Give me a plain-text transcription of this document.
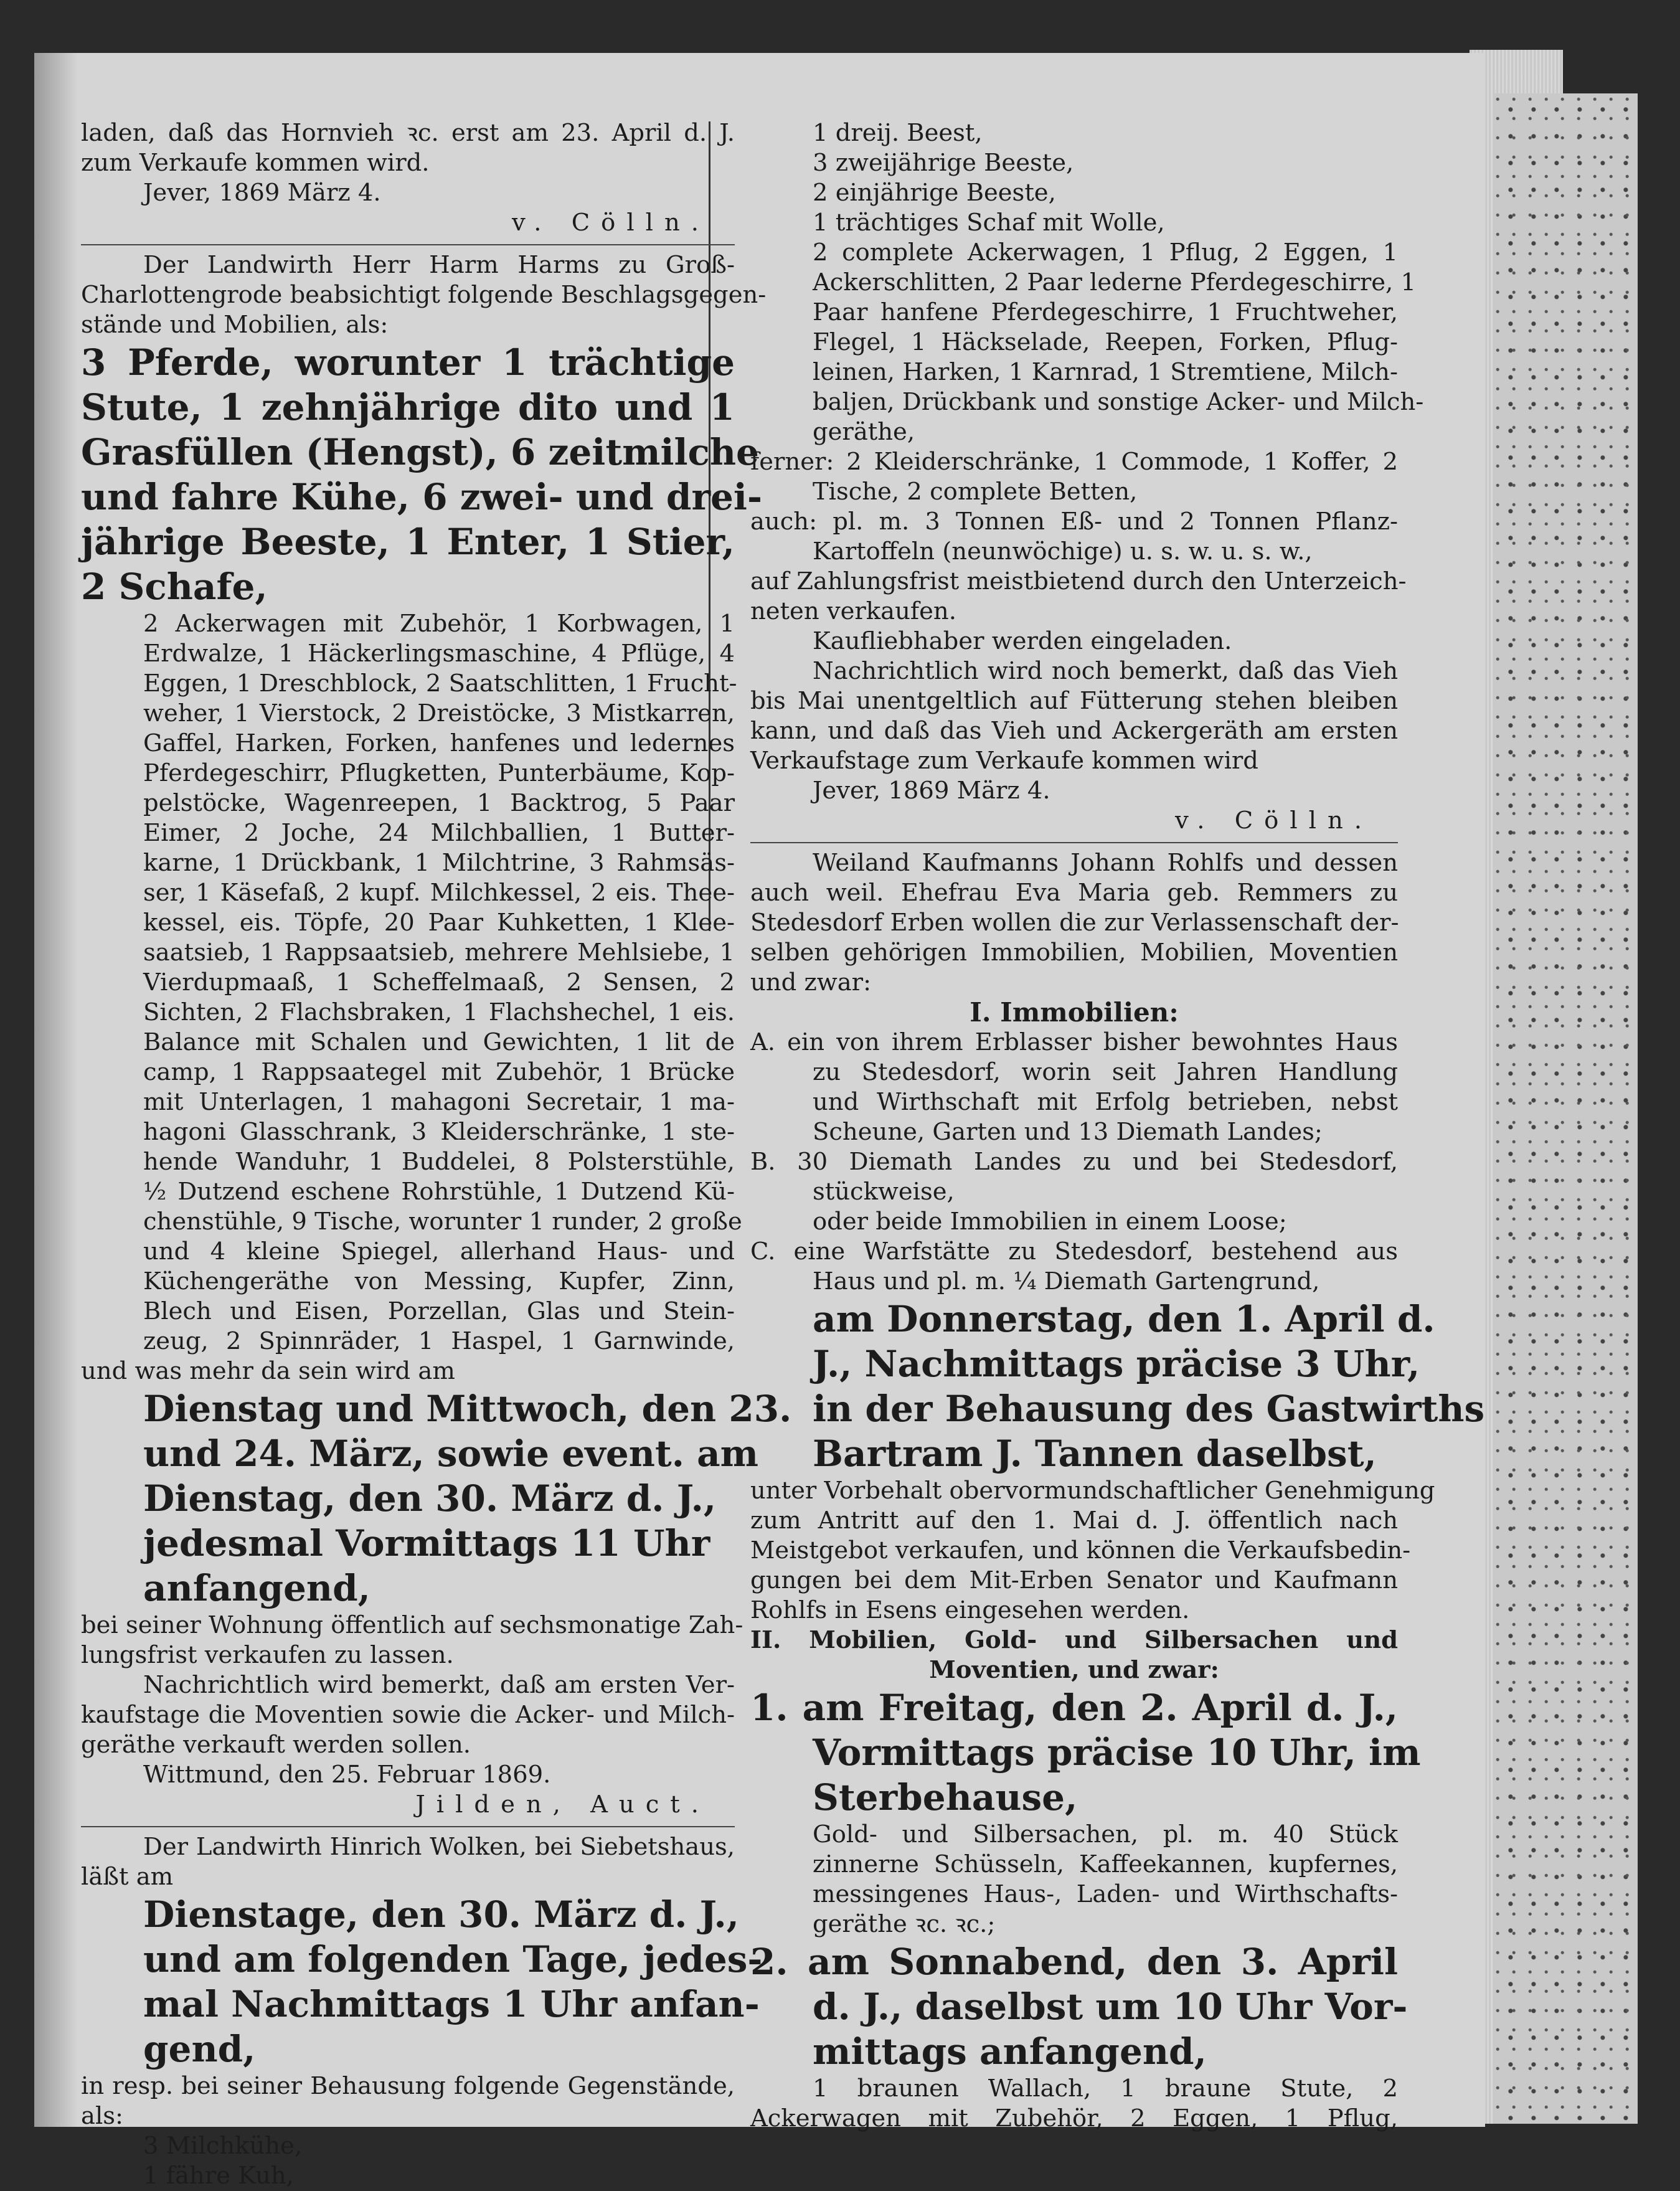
laden, daß das Hornvieh ꝛc. erst am 23. April d. J.
zum Verkaufe kommen wird.
Jever, 1869 März 4.
v. Cölln.
Der Landwirth Herr Harm Harms zu Groß-
Charlottengrode beabsichtigt folgende Beschlagsgegen-
stände und Mobilien, als:
3 Pferde, worunter 1 trächtige
Stute, 1 zehnjährige dito und 1
Grasfüllen (Hengst), 6 zeitmilche
und fahre Kühe, 6 zwei- und drei-
jährige Beeste, 1 Enter, 1 Stier,
2 Schafe,
2 Ackerwagen mit Zubehör, 1 Korbwagen, 1
Erdwalze, 1 Häckerlingsmaschine, 4 Pflüge, 4
Eggen, 1 Dreschblock, 2 Saatschlitten, 1 Frucht-
weher, 1 Vierstock, 2 Dreistöcke, 3 Mistkarren,
Gaffel, Harken, Forken, hanfenes und ledernes
Pferdegeschirr, Pflugketten, Punterbäume, Kop-
pelstöcke, Wagenreepen, 1 Backtrog, 5 Paar
Eimer, 2 Joche, 24 Milchballien, 1 Butter-
karne, 1 Drückbank, 1 Milchtrine, 3 Rahmsäs-
ser, 1 Käsefaß, 2 kupf. Milchkessel, 2 eis. Thee-
kessel, eis. Töpfe, 20 Paar Kuhketten, 1 Klee-
saatsieb, 1 Rappsaatsieb, mehrere Mehlsiebe, 1
Vierdupmaaß, 1 Scheffelmaaß, 2 Sensen, 2
Sichten, 2 Flachsbraken, 1 Flachshechel, 1 eis.
Balance mit Schalen und Gewichten, 1 lit de
camp, 1 Rappsaategel mit Zubehör, 1 Brücke
mit Unterlagen, 1 mahagoni Secretair, 1 ma-
hagoni Glasschrank, 3 Kleiderschränke, 1 ste-
hende Wanduhr, 1 Buddelei, 8 Polsterstühle,
½ Dutzend eschene Rohrstühle, 1 Dutzend Kü-
chenstühle, 9 Tische, worunter 1 runder, 2 große
und 4 kleine Spiegel, allerhand Haus- und
Küchengeräthe von Messing, Kupfer, Zinn,
Blech und Eisen, Porzellan, Glas und Stein-
zeug, 2 Spinnräder, 1 Haspel, 1 Garnwinde,
und was mehr da sein wird am
Dienstag und Mittwoch, den 23.
und 24. März, sowie event. am
Dienstag, den 30. März d. J.,
jedesmal Vormittags 11 Uhr
anfangend,
bei seiner Wohnung öffentlich auf sechsmonatige Zah-
lungsfrist verkaufen zu lassen.
Nachrichtlich wird bemerkt, daß am ersten Ver-
kaufstage die Moventien sowie die Acker- und Milch-
geräthe verkauft werden sollen.
Wittmund, den 25. Februar 1869.
Jilden, Auct.
Der Landwirth Hinrich Wolken, bei Siebetshaus,
läßt am
Dienstage, den 30. März d. J.,
und am folgenden Tage, jedes-
mal Nachmittags 1 Uhr anfan-
gend,
in resp. bei seiner Behausung folgende Gegenstände,
als:
3 Milchkühe,
1 fähre Kuh,
1 dreij. Beest,
3 zweijährige Beeste,
2 einjährige Beeste,
1 trächtiges Schaf mit Wolle,
2 complete Ackerwagen, 1 Pflug, 2 Eggen, 1
Ackerschlitten, 2 Paar lederne Pferdegeschirre, 1
Paar hanfene Pferdegeschirre, 1 Fruchtweher,
Flegel, 1 Häckselade, Reepen, Forken, Pflug-
leinen, Harken, 1 Karnrad, 1 Stremtiene, Milch-
baljen, Drückbank und sonstige Acker- und Milch-
geräthe,
ferner: 2 Kleiderschränke, 1 Commode, 1 Koffer, 2
Tische, 2 complete Betten,
auch: pl. m. 3 Tonnen Eß- und 2 Tonnen Pflanz-
Kartoffeln (neunwöchige) u. s. w. u. s. w.,
auf Zahlungsfrist meistbietend durch den Unterzeich-
neten verkaufen.
Kaufliebhaber werden eingeladen.
Nachrichtlich wird noch bemerkt, daß das Vieh
bis Mai unentgeltlich auf Fütterung stehen bleiben
kann, und daß das Vieh und Ackergeräth am ersten
Verkaufstage zum Verkaufe kommen wird
Jever, 1869 März 4.
v. Cölln.
Weiland Kaufmanns Johann Rohlfs und dessen
auch weil. Ehefrau Eva Maria geb. Remmers zu
Stedesdorf Erben wollen die zur Verlassenschaft der-
selben gehörigen Immobilien, Mobilien, Moventien
und zwar:
I. Immobilien:
A. ein von ihrem Erblasser bisher bewohntes Haus
zu Stedesdorf, worin seit Jahren Handlung
und Wirthschaft mit Erfolg betrieben, nebst
Scheune, Garten und 13 Diemath Landes;
B. 30 Diemath Landes zu und bei Stedesdorf,
stückweise,
oder beide Immobilien in einem Loose;
C. eine Warfstätte zu Stedesdorf, bestehend aus
Haus und pl. m. ¼ Diemath Gartengrund,
am Donnerstag, den 1. April d.
J., Nachmittags präcise 3 Uhr,
in der Behausung des Gastwirths
Bartram J. Tannen daselbst,
unter Vorbehalt obervormundschaftlicher Genehmigung
zum Antritt auf den 1. Mai d. J. öffentlich nach
Meistgebot verkaufen, und können die Verkaufsbedin-
gungen bei dem Mit-Erben Senator und Kaufmann
Rohlfs in Esens eingesehen werden.
II. Mobilien, Gold- und Silbersachen und
Moventien, und zwar:
1. am Freitag, den 2. April d. J.,
Vormittags präcise 10 Uhr, im
Sterbehause,
Gold- und Silbersachen, pl. m. 40 Stück
zinnerne Schüsseln, Kaffeekannen, kupfernes,
messingenes Haus-, Laden- und Wirthschafts-
geräthe ꝛc. ꝛc.;
2. am Sonnabend, den 3. April
d. J., daselbst um 10 Uhr Vor-
mittags anfangend,
1 braunen Wallach, 1 braune Stute, 2
Ackerwagen mit Zubehör, 2 Eggen, 1 Pflug,
